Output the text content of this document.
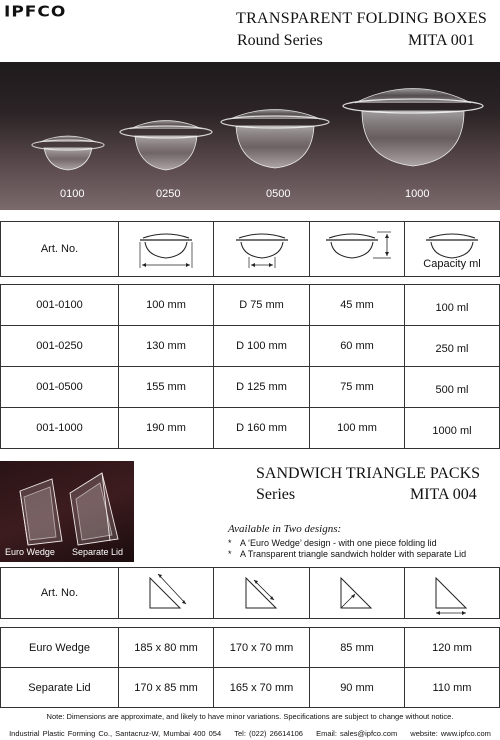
IPFCO	TRANSPARENT FOLDING BOXES
Round Series	MITA 001
0100	0250	0500	1000
Art. No.	

Capacity ml
001-0100	100 mm	D 75 mm	45 mm	100 ml
001-0250	130 mm	D 100 mm	60 mm	250 ml
001-0500	155 mm	D 125 mm	75 mm	500 ml
001-1000	190 mm	D 160 mm	100 mm	1000 ml
Euro Wedge Separate Lid
SANDWICH TRIANGLE PACKS
Series	MITA 004
Available in Two designs:
* A ‘Euro Wedge’ design - with one piece folding lid
* A Transparent triangle sandwich holder with separate Lid
Art. No.	

Euro Wedge	185 x 80 mm	170 x 70 mm	85 mm	120 mm
Separate Lid	170 x 85 mm	165 x 70 mm	90 mm	110 mm
Note: Dimensions are approximate, and likely to have minor variations. Specifications are subject to change without notice.
Industrial Plastic Forming Co., Santacruz-W, Mumbai 400 054 Tel: (022) 26614106 Email: sales@ipfco.com website: www.ipfco.com
